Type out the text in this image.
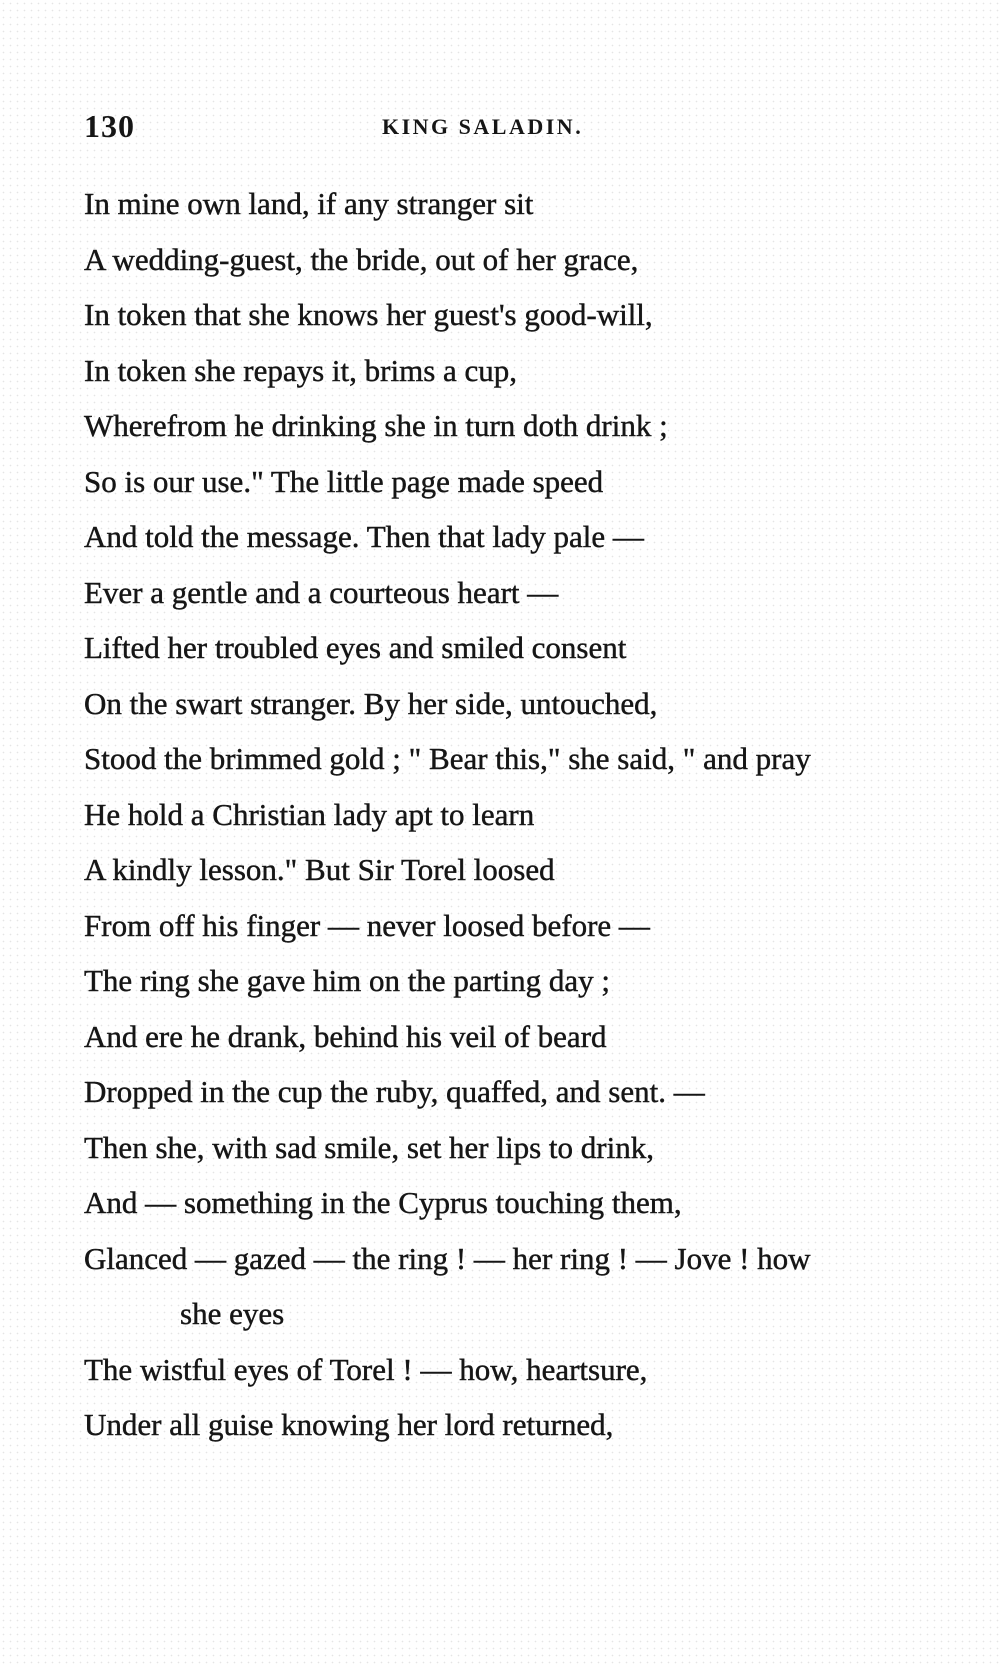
130	KING SALADIN.
In mine own land, if any stranger sit
A wedding-guest, the bride, out of her grace,
In token that she knows her guest's good-will,
In token she repays it, brims a cup,
Wherefrom he drinking she in turn doth drink ;
So is our use." The little page made speed
And told the message. Then that lady pale —
Ever a gentle and a courteous heart —
Lifted her troubled eyes and smiled consent
On the swart stranger. By her side, untouched,
Stood the brimmed gold ; " Bear this," she said, " and pray
He hold a Christian lady apt to learn
A kindly lesson." But Sir Torel loosed
From off his finger — never loosed before —
The ring she gave him on the parting day ;
And ere he drank, behind his veil of beard
Dropped in the cup the ruby, quaffed, and sent. —
Then she, with sad smile, set her lips to drink,
And — something in the Cyprus touching them,
Glanced — gazed — the ring ! — her ring ! — Jove ! how
she eyes
The wistful eyes of Torel ! — how, heartsure,
Under all guise knowing her lord returned,
